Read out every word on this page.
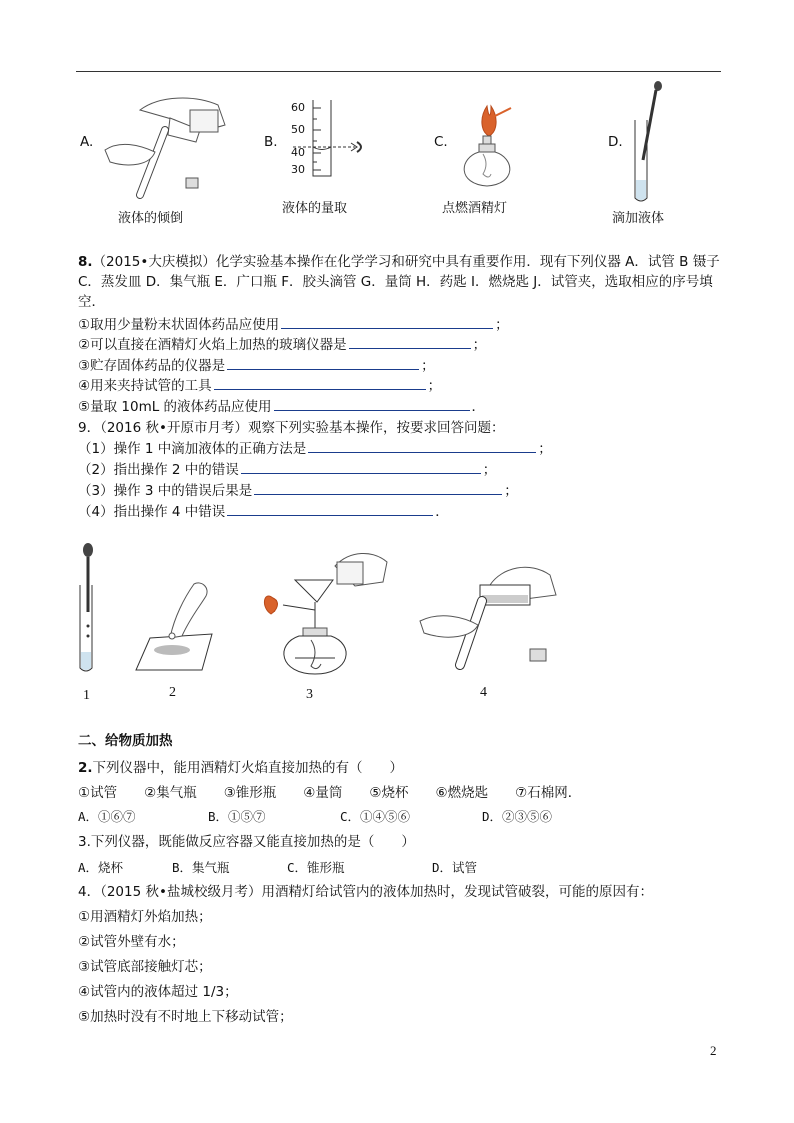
A.
液体的倾倒
B.
60
50
40
30
液体的量取
C.
点燃酒精灯
D.
滴加液体
8.（2015•大庆模拟）化学实验基本操作在化学学习和研究中具有重要作用．现有下列仪器 A．试管 B 镊子
C．蒸发皿 D．集气瓶 E．广口瓶 F．胶头滴管 G．量筒 H．药匙 I．燃烧匙 J．试管夹，选取相应的序号填
空．
①取用少量粉末状固体药品应使用	；
②可以直接在酒精灯火焰上加热的玻璃仪器是	；
③贮存固体药品的仪器是	；
④用来夹持试管的工具	；
⑤量取 10mL 的液体药品应使用	．
9．（2016 秋•开原市月考）观察下列实验基本操作，按要求回答问题：
（1）操作 1 中滴加液体的正确方法是	；
（2）指出操作 2 中的错误	；
（3）操作 3 中的错误后果是	；
（4）指出操作 4 中错误	．
1	2	3	4
二、给物质加热
2.下列仪器中，能用酒精灯火焰直接加热的有（　　）
①试管　　②集气瓶　　③锥形瓶　　④量筒　　⑤烧杯　　⑥燃烧匙　　⑦石棉网．
A．①⑥⑦	B．①⑤⑦	C．①④⑤⑥	D．②③⑤⑥
3.下列仪器，既能做反应容器又能直接加热的是（　　）
A．烧杯	B．集气瓶	C．锥形瓶	D．试管
4．（2015 秋•盐城校级月考）用酒精灯给试管内的液体加热时，发现试管破裂，可能的原因有：
①用酒精灯外焰加热；
②试管外壁有水；
③试管底部接触灯芯；
④试管内的液体超过 1/3；
⑤加热时没有不时地上下移动试管；
2
